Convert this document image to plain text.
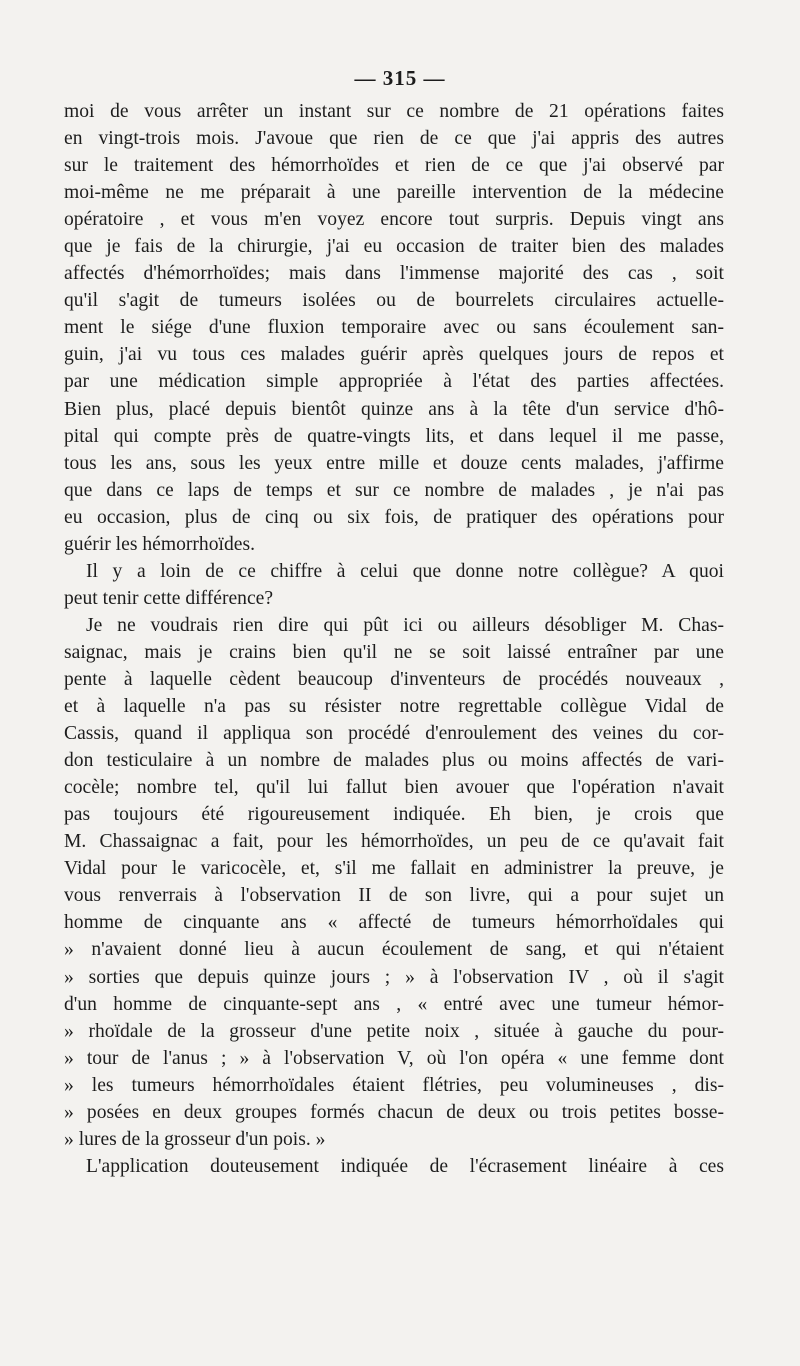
— 315 —
moi de vous arrêter un instant sur ce nombre de 21 opérations faites
en vingt-trois mois. J'avoue que rien de ce que j'ai appris des autres
sur le traitement des hémorrhoïdes et rien de ce que j'ai observé par
moi-même ne me préparait à une pareille intervention de la médecine
opératoire , et vous m'en voyez encore tout surpris. Depuis vingt ans
que je fais de la chirurgie, j'ai eu occasion de traiter bien des malades
affectés d'hémorrhoïdes; mais dans l'immense majorité des cas , soit
qu'il s'agit de tumeurs isolées ou de bourrelets circulaires actuelle-
ment le siége d'une fluxion temporaire avec ou sans écoulement san-
guin, j'ai vu tous ces malades guérir après quelques jours de repos et
par une médication simple appropriée à l'état des parties affectées.
Bien plus, placé depuis bientôt quinze ans à la tête d'un service d'hô-
pital qui compte près de quatre-vingts lits, et dans lequel il me passe,
tous les ans, sous les yeux entre mille et douze cents malades, j'affirme
que dans ce laps de temps et sur ce nombre de malades , je n'ai pas
eu occasion, plus de cinq ou six fois, de pratiquer des opérations pour
guérir les hémorrhoïdes.
Il y a loin de ce chiffre à celui que donne notre collègue? A quoi
peut tenir cette différence?
Je ne voudrais rien dire qui pût ici ou ailleurs désobliger M. Chas-
saignac, mais je crains bien qu'il ne se soit laissé entraîner par une
pente à laquelle cèdent beaucoup d'inventeurs de procédés nouveaux ,
et à laquelle n'a pas su résister notre regrettable collègue Vidal de
Cassis, quand il appliqua son procédé d'enroulement des veines du cor-
don testiculaire à un nombre de malades plus ou moins affectés de vari-
cocèle; nombre tel, qu'il lui fallut bien avouer que l'opération n'avait
pas toujours été rigoureusement indiquée. Eh bien, je crois que
M. Chassaignac a fait, pour les hémorrhoïdes, un peu de ce qu'avait fait
Vidal pour le varicocèle, et, s'il me fallait en administrer la preuve, je
vous renverrais à l'observation II de son livre, qui a pour sujet un
homme de cinquante ans « affecté de tumeurs hémorrhoïdales qui
» n'avaient donné lieu à aucun écoulement de sang, et qui n'étaient
» sorties que depuis quinze jours ; » à l'observation IV , où il s'agit
d'un homme de cinquante-sept ans , « entré avec une tumeur hémor-
» rhoïdale de la grosseur d'une petite noix , située à gauche du pour-
» tour de l'anus ; » à l'observation V, où l'on opéra « une femme dont
» les tumeurs hémorrhoïdales étaient flétries, peu volumineuses , dis-
» posées en deux groupes formés chacun de deux ou trois petites bosse-
» lures de la grosseur d'un pois. »
L'application douteusement indiquée de l'écrasement linéaire à ces
